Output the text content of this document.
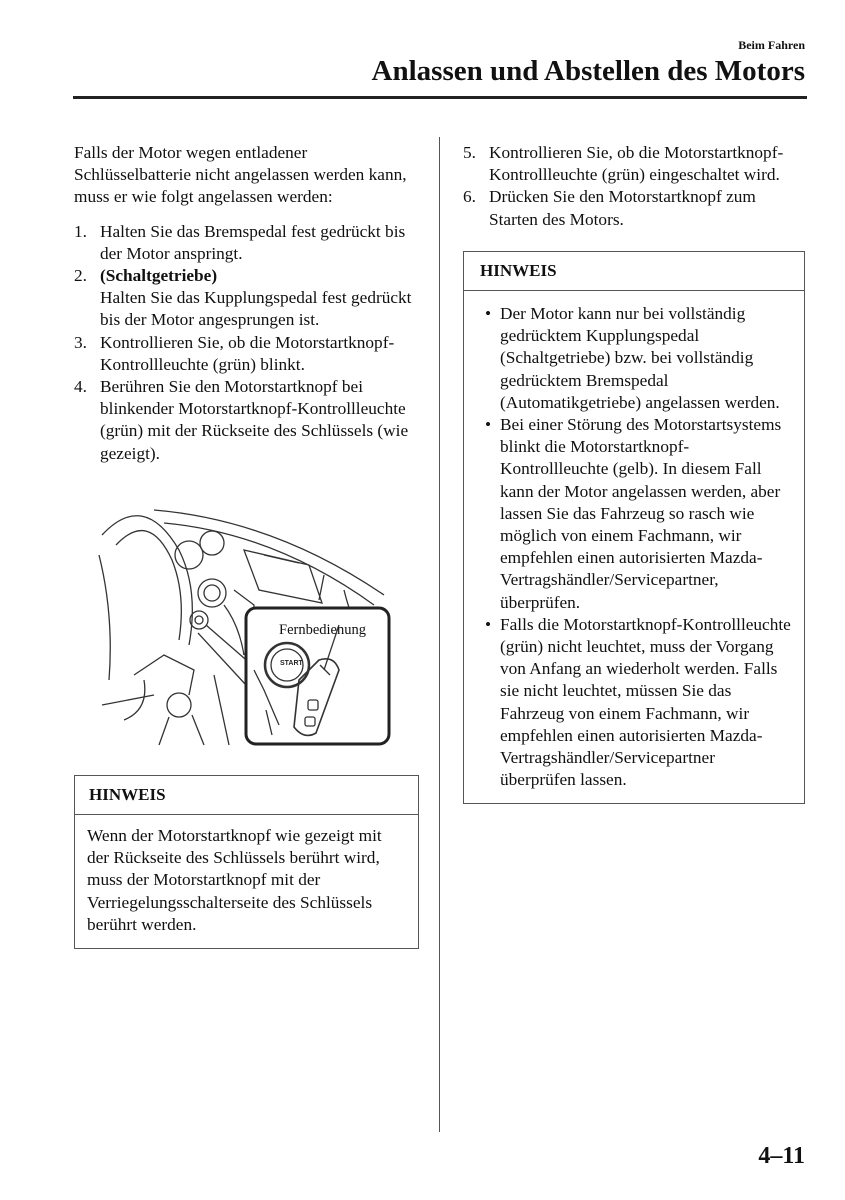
Beim Fahren
Anlassen und Abstellen des Motors

Falls der Motor wegen entladener Schlüsselbatterie nicht angelassen werden kann, muss er wie folgt angelassen werden:

1. Halten Sie das Bremspedal fest gedrückt bis der Motor anspringt.
2. (Schaltgetriebe)
Halten Sie das Kupplungspedal fest gedrückt bis der Motor angesprungen ist.
3. Kontrollieren Sie, ob die Motorstartknopf-Kontrollleuchte (grün) blinkt.
4. Berühren Sie den Motorstartknopf bei blinkender Motorstartknopf-Kontrollleuchte (grün) mit der Rückseite des Schlüssels (wie gezeigt).
START
Fernbedienung
HINWEIS

Wenn der Motorstartknopf wie gezeigt mit der Rückseite des Schlüssels berührt wird, muss der Motorstartknopf mit der Verriegelungsschalterseite des Schlüssels berührt werden.

5. Kontrollieren Sie, ob die Motorstartknopf-Kontrollleuchte (grün) eingeschaltet wird.
6. Drücken Sie den Motorstartknopf zum Starten des Motors.
HINWEIS
• Der Motor kann nur bei vollständig gedrücktem Kupplungspedal (Schaltgetriebe) bzw. bei vollständig gedrücktem Bremspedal (Automatikgetriebe) angelassen werden.
• Bei einer Störung des Motorstartsystems blinkt die Motorstartknopf-Kontrollleuchte (gelb). In diesem Fall kann der Motor angelassen werden, aber lassen Sie das Fahrzeug so rasch wie möglich von einem Fachmann, wir empfehlen einen autorisierten Mazda-Vertragshändler/Servicepartner, überprüfen.
• Falls die Motorstartknopf-Kontrollleuchte (grün) nicht leuchtet, muss der Vorgang von Anfang an wiederholt werden. Falls sie nicht leuchtet, müssen Sie das Fahrzeug von einem Fachmann, wir empfehlen einen autorisierten Mazda-Vertragshändler/Servicepartner überprüfen lassen.
4–11
